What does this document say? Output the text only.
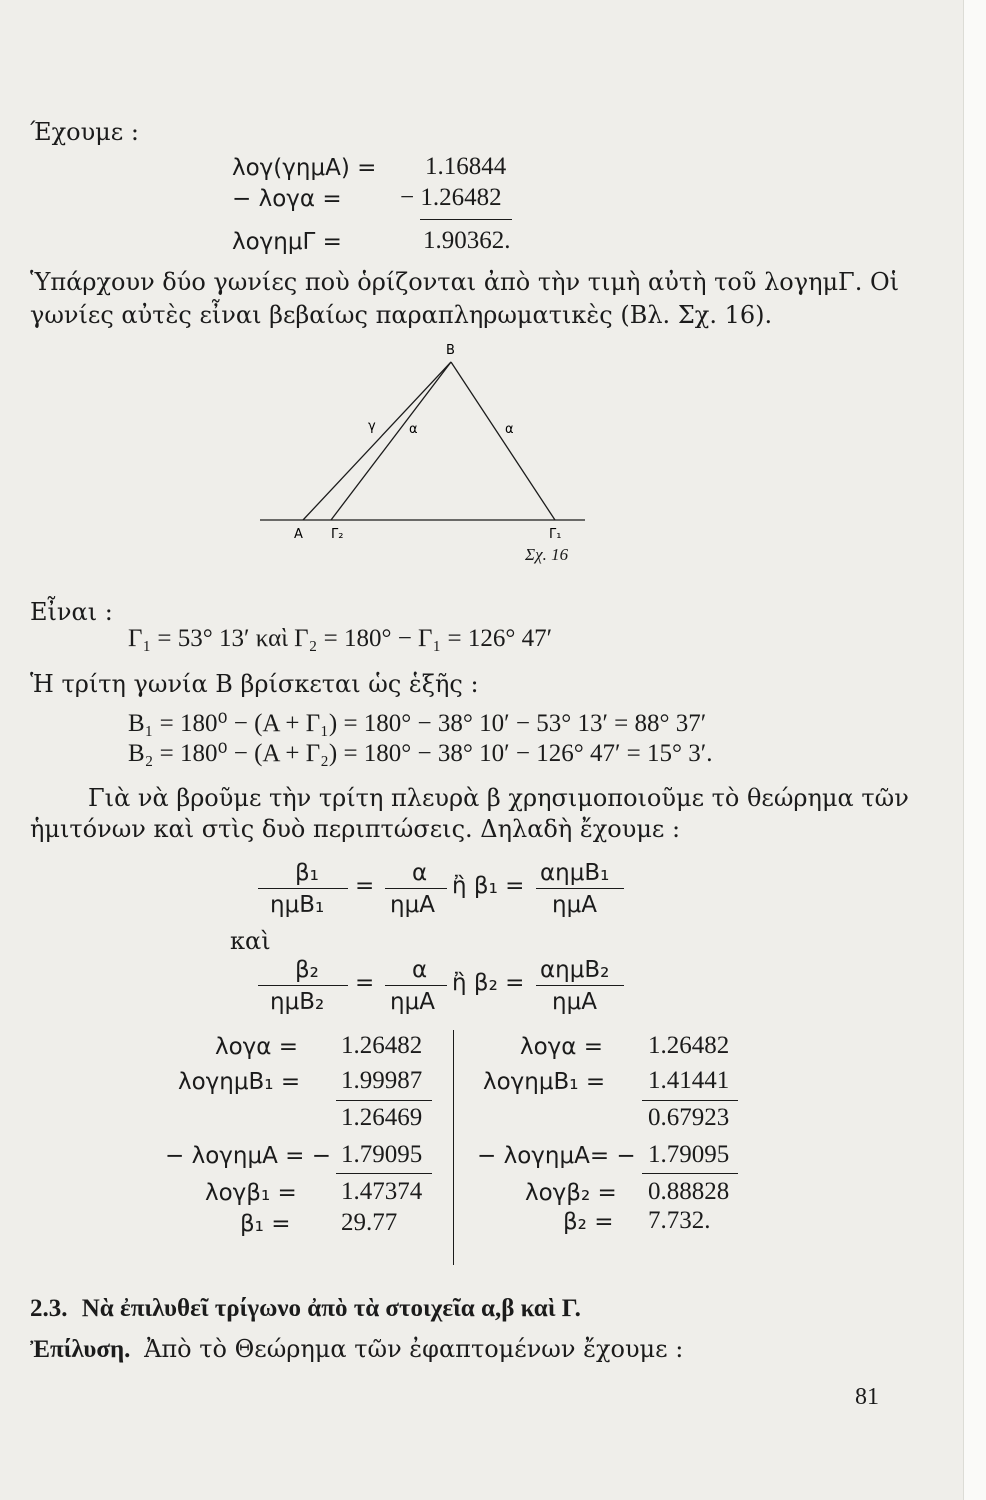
Έχουμε :
λογ(γημΑ) = 1.16844
− λογα = − 1.26482
λογημΓ =	1.90362.
Ὑπάρχουν δύο γωνίες ποὺ ὁρίζονται ἀπὸ τὴν τιμὴ αὐτὴ τοῦ λογημΓ. Οἱ
γωνίες αὐτὲς εἶναι βεβαίως παραπληρωματικὲς (Βλ. Σχ. 16).
B
γ	α	α
A Γ₂	Γ₁
Σχ. 16
Εἶναι :
Γ₁ = 53° 13′ καὶ Γ₂ = 180° − Γ₁ = 126° 47′
Ἡ τρίτη γωνία Β βρίσκεται ὡς ἑξῆς :
Β₁ = 180⁰ − (Α + Γ₁) = 180° − 38° 10′ − 53° 13′ = 88° 37′
Β₂ = 180⁰ − (Α + Γ₂) = 180° − 38° 10′ − 126° 47′ = 15° 3′.
Γιὰ νὰ βροῦμε τὴν τρίτη πλευρὰ β χρησιμοποιοῦμε τὸ θεώρημα τῶν
ἡμιτόνων καὶ στὶς δυὸ περιπτώσεις. Δηλαδὴ ἔχουμε :
β₁
ημΒ₁
= α
ημΑ
ἢ β₁ = αημΒ₁
ημΑ
καὶ
β₂
ημΒ₂
= α
ημΑ
ἢ β₂ = αημΒ₂
ημΑ
λογα = 1.26482
λογημΒ₁ = 1.99987
1.26469
− λογημΑ = − 1.79095
λογβ₁ = 1.47374
β₁ = 29.77
λογα = 1.26482
λογημΒ₁ = 1.41441
0.67923
− λογημΑ= − 1.79095
λογβ₂ = 0.88828
β₂ = 7.732.
2.3. Νὰ ἐπιλυθεῖ τρίγωνο ἀπὸ τὰ στοιχεῖα α,β καὶ Γ.
Ἐπίλυση. Ἀπὸ τὸ Θεώρημα τῶν ἐφαπτομένων ἔχουμε :
81
